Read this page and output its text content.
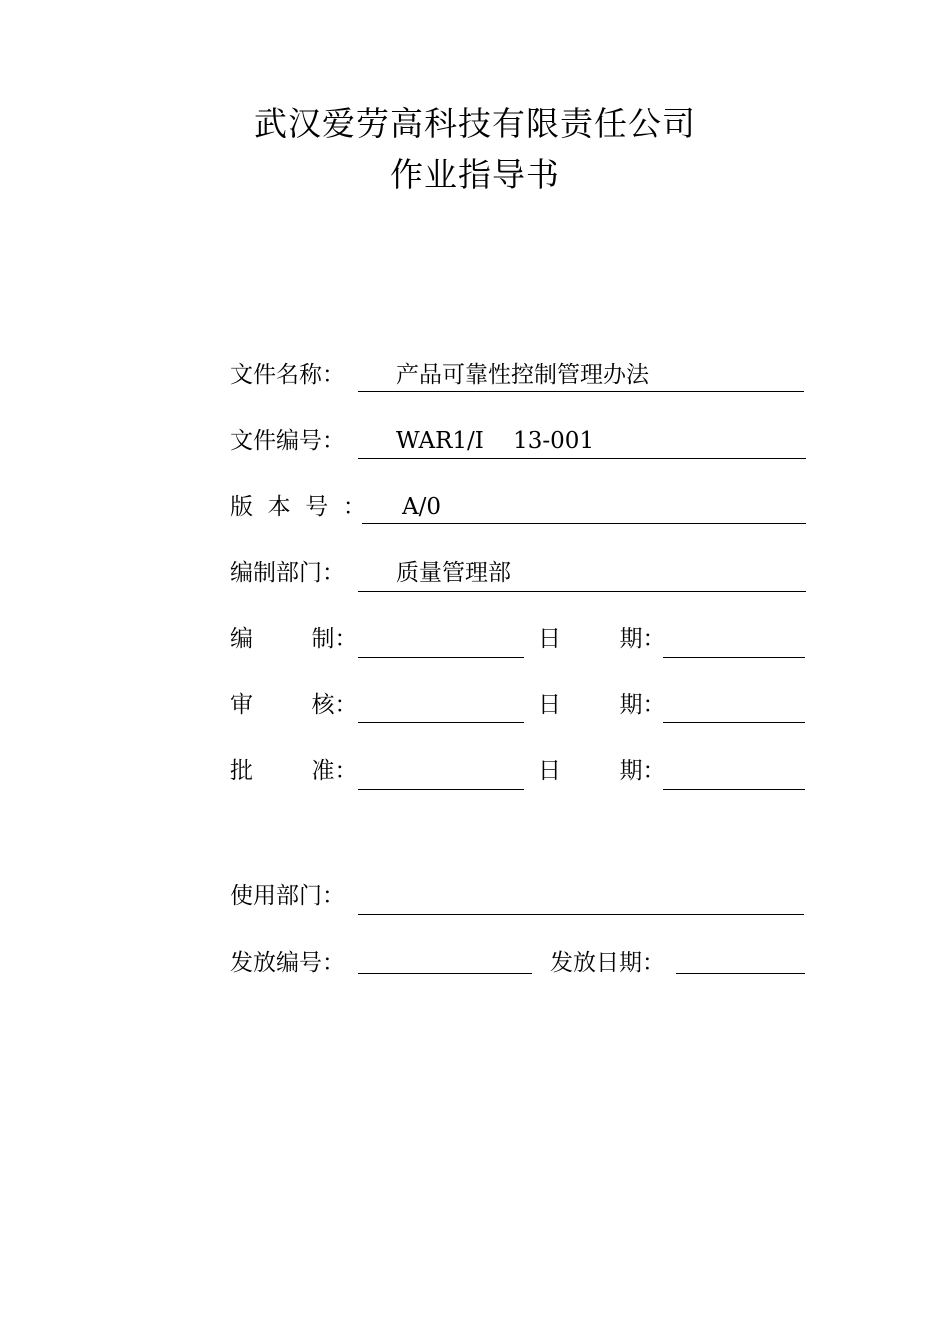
武汉爱劳高科技有限责任公司
作业指导书
文件名称： 产品可靠性控制管理办法
文件编号： WAR1/I    13-001
版  本  号  ： A/0
编制部门： 质量管理部
编        制：	日        期：
审        核：	日        期：
批        准：	日        期：
使用部门：
发放编号：	发放日期：
